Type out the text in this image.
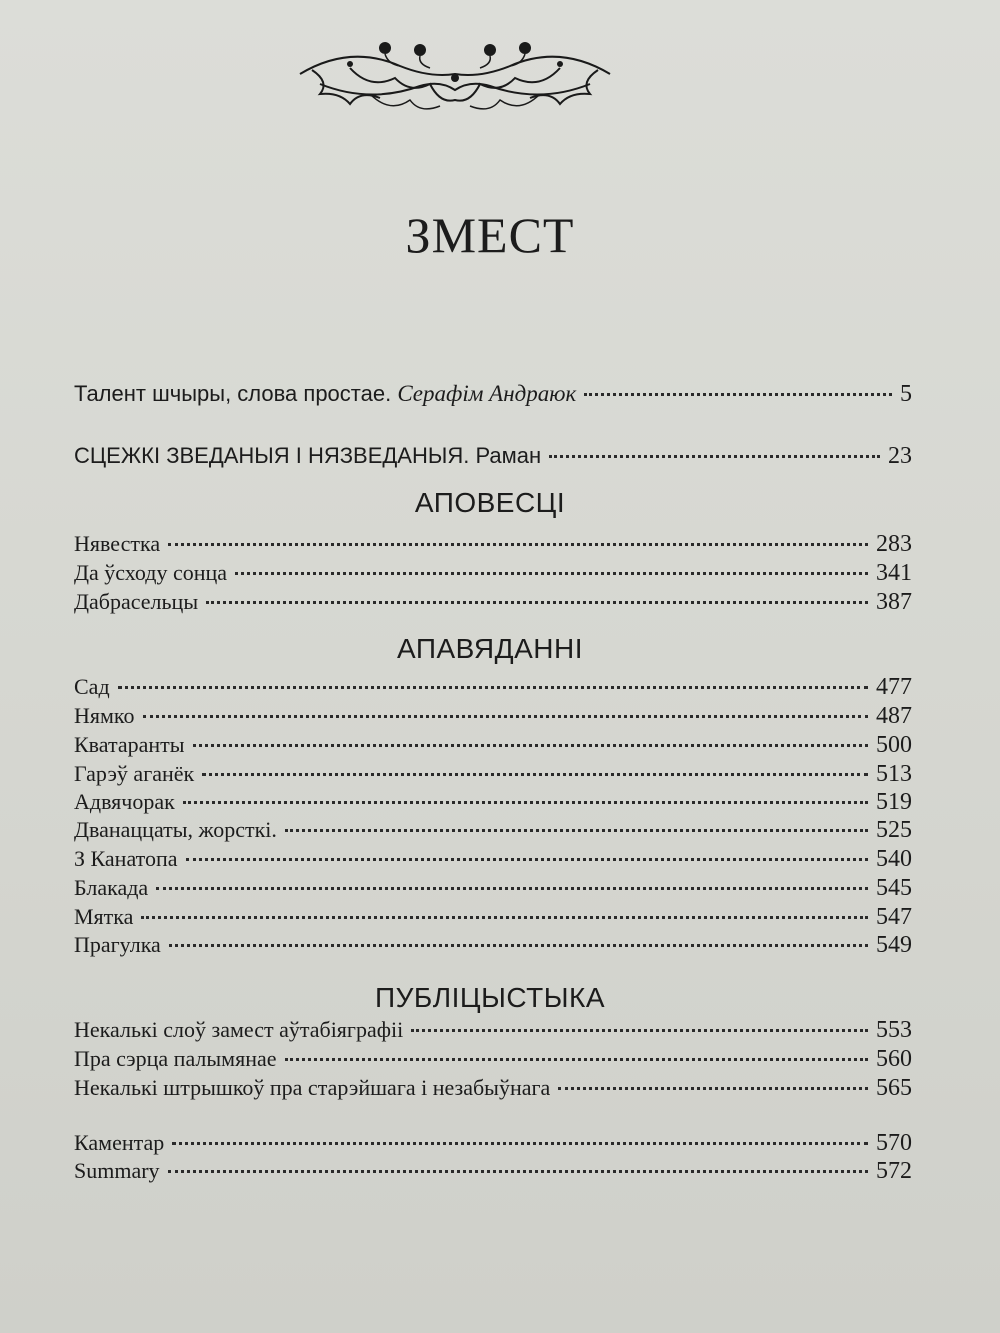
ЗМЕСТ
Талент шчыры, слова простае. Серафім Андраюк	5
СЦЕЖКІ ЗВЕДАНЫЯ І НЯЗВЕДАНЫЯ. Раман	23
АПОВЕСЦІ
Нявестка	283
Да ўсходу сонца	341
Дабрасельцы	387
АПАВЯДАННІ
Сад	477
Нямко	487
Кватаранты	500
Гарэў аганёк	513
Адвячорак	519
Дванаццаты, жорсткі.	525
З Канатопа	540
Блакада	545
Мятка	547
Прагулка	549
ПУБЛІЦЫСТЫКА
Некалькі слоў замест аўтабіяграфіі	553
Пра сэрца палымянае	560
Некалькі штрышкоў пра старэйшага і незабыўнага	565
Каментар	570
Summary	572
